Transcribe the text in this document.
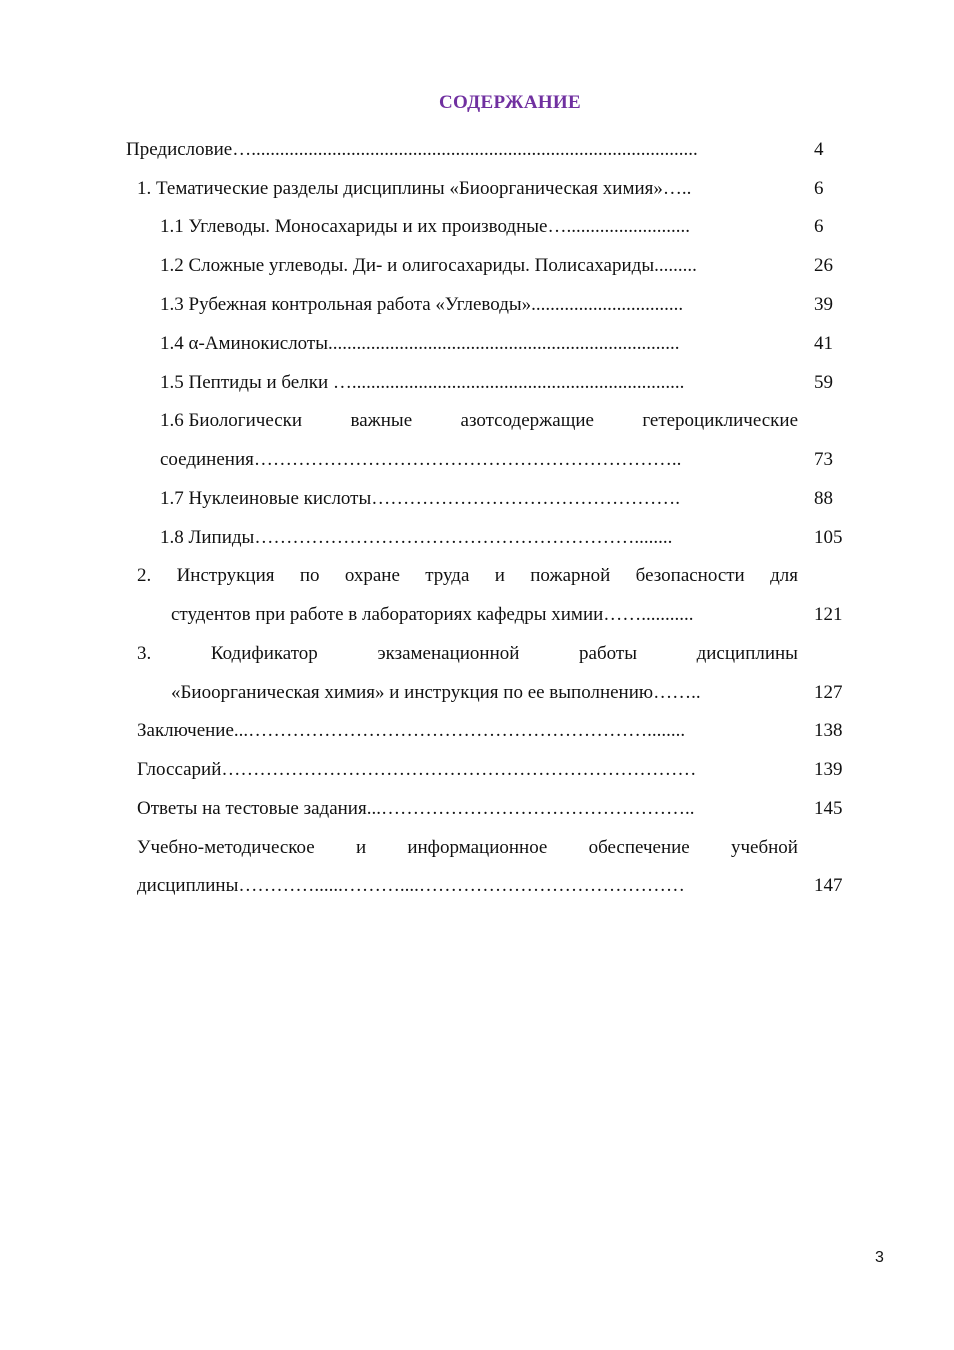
СОДЕРЖАНИЕ
Предисловие…..............................................................................................	4
1. Тематические разделы дисциплины «Биоорганическая химия»…..	6
1.1 Углеводы. Моносахариды и их производные…..........................	6
1.2 Сложные углеводы. Ди- и олигосахариды. Полисахариды.........	26
1.3 Рубежная контрольная работа «Углеводы»................................	39
1.4 α-Аминокислоты..........................................................................	41
1.5 Пептиды и белки …......................................................................	59
1.6 Биологически	важные	азотсодержащие	гетероциклические
соединения…………………………………………………………..	73
1.7 Нуклеиновые кислоты………………………………………….	88
1.8 Липиды……………………………………………………........	105
2. Инструкция по охране труда и пожарной безопасности для
студентов при работе в лабораториях кафедры химии……...........	121
3.	Кодификатор	экзаменационной	работы	дисциплины
«Биоорганическая химия» и инструкция по ее выполнению……..	127
Заключение...………………………………………………………........	138
Глоссарий…………………………………………………………………	139
Ответы на тестовые задания...…………………………………………..	145
Учебно-методическое и информационное обеспечение учебной
дисциплины…………......………....……………………………………	147
3
